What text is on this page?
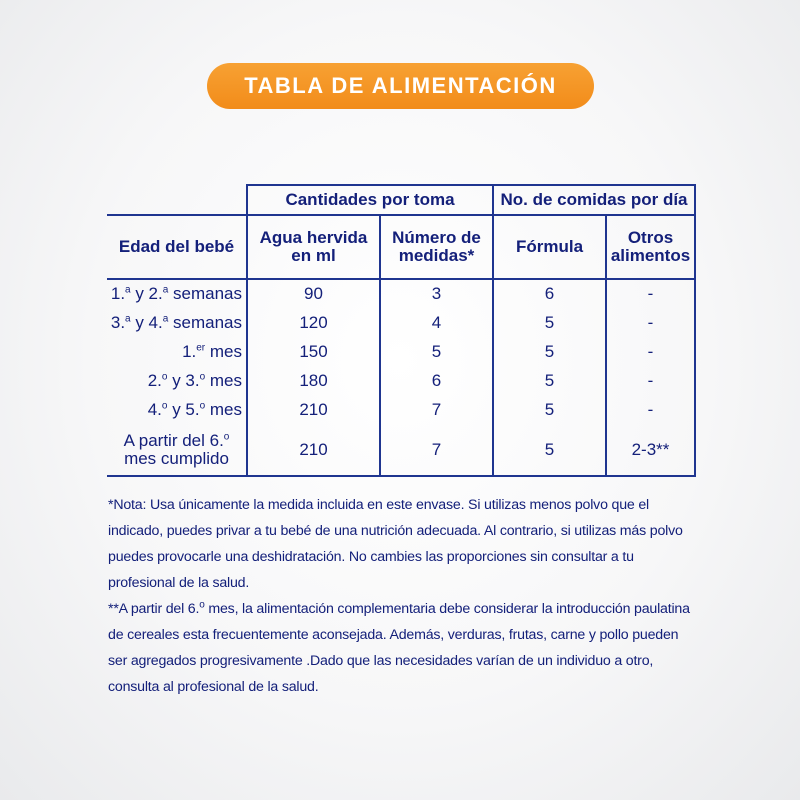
TABLA DE ALIMENTACIÓN
	Cantidades por toma		No. de comidas por día	
Edad del bebé	Agua hervida en ml	Número de medidas*	Fórmula	Otros alimentos

1.$^a$ y 2.$^a$ semanas	90	3	6	-
3.$^a$ y 4.$^a$ semanas	120	4	5	-
1.$^{er}$ mes	150	5	5	-
2.$^o$ y 3.$^o$ mes	180	6	5	-
4.$^o$ y 5.$^o$ mes	210	7	5	-
A partir del 6.$^o$
mes cumplido	210	7	5	2-3**

*Nota: Usa únicamente la medida incluida en este envase. Si utilizas menos polvo que el indicado, puedes privar a tu bebé de una nutrición adecuada. Al contrario, si utilizas más polvo puedes provocarle una deshidratación. No cambies las proporciones sin consultar a tu profesional de la salud.

**A partir del 6.$^o$ mes, la alimentación complementaria debe considerar la introducción paulatina de cereales esta frecuentemente aconsejada. Además, verduras, frutas, carne y pollo pueden ser agregados progresivamente .Dado que las necesidades varían de un individuo a otro, consulta al profesional de la salud.
